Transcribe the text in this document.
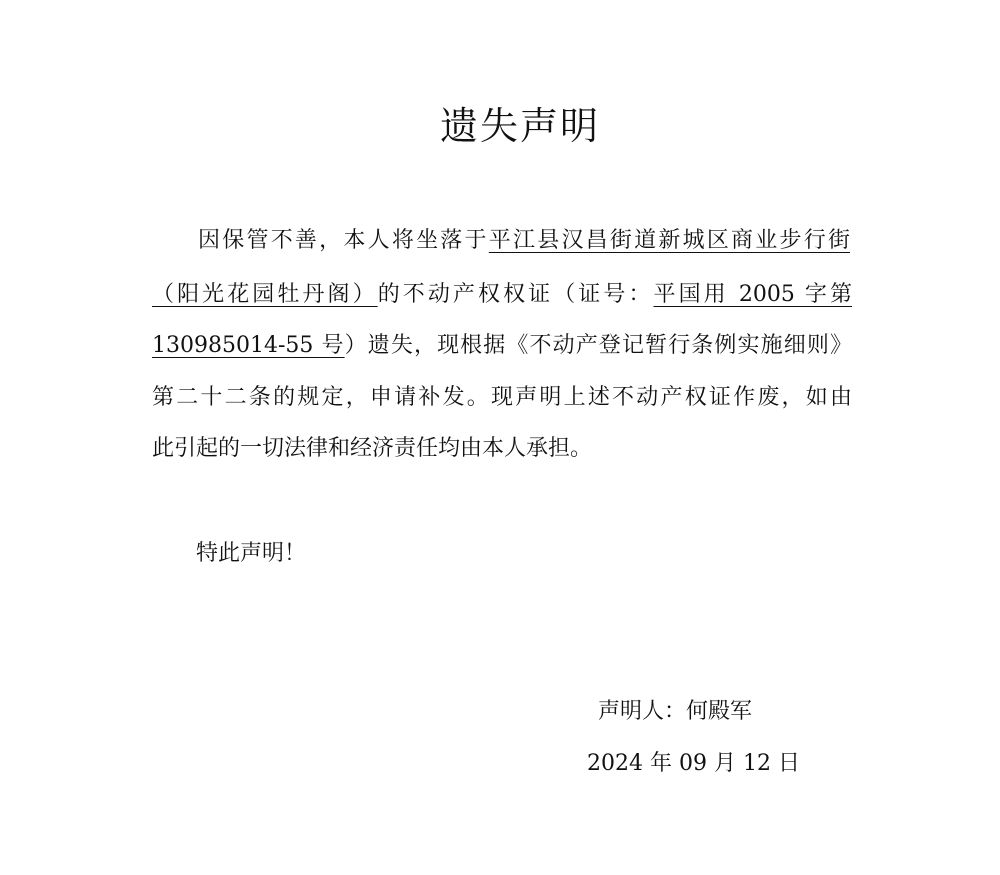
遗失声明
因保管不善，本人将坐落于平江县汉昌街道新城区商业步行街
（阳光花园牡丹阁）的不动产权权证（证号：平国用 2005 字第
130985014-55 号）遗失，现根据《不动产登记暂行条例实施细则》
第二十二条的规定，申请补发。现声明上述不动产权证作废，如由
此引起的一切法律和经济责任均由本人承担。
特此声明！
声明人：何殿军
2024 年 09 月 12 日
